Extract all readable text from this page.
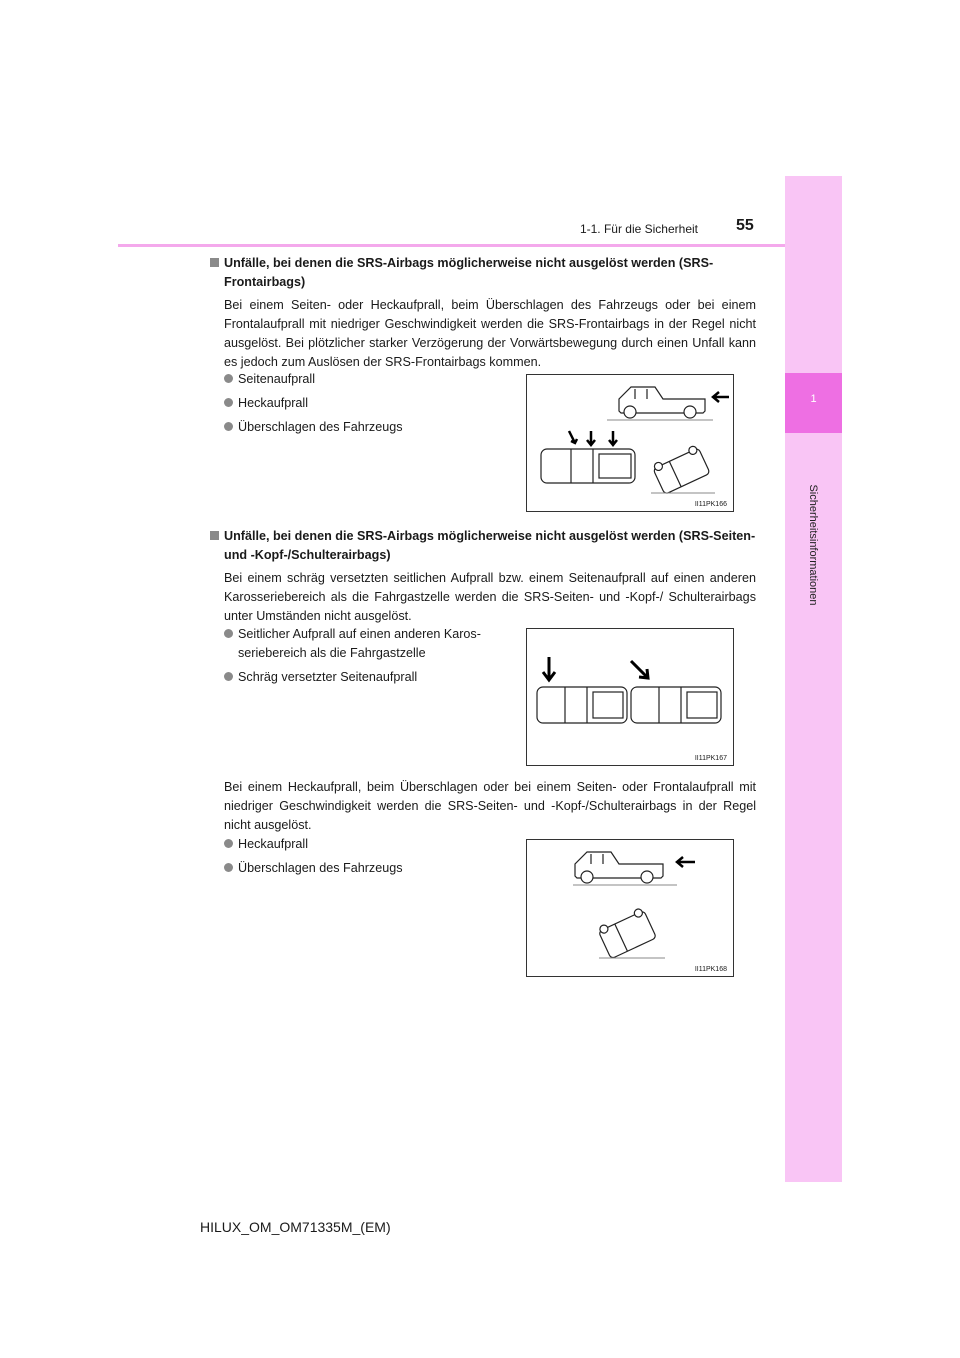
1
Sicherheitsinformationen
1-1. Für die Sicherheit 55
Unfälle, bei denen die SRS-Airbags möglicherweise nicht ausgelöst werden (SRS-Frontairbags)
Bei einem Seiten- oder Heckaufprall, beim Überschlagen des Fahrzeugs oder bei einem Frontalaufprall mit niedriger Geschwindigkeit werden die SRS-Frontairbags in der Regel nicht ausgelöst. Bei plötzlicher starker Verzögerung der Vorwärtsbewegung durch einen Unfall kann es jedoch zum Auslösen der SRS-Frontairbags kommen.
Seitenaufprall
Heckaufprall
Überschlagen des Fahrzeugs
II11PK166
Unfälle, bei denen die SRS-Airbags möglicherweise nicht ausgelöst werden (SRS-Seiten- und -Kopf-/Schulterairbags)
Bei einem schräg versetzten seitlichen Aufprall bzw. einem Seitenaufprall auf einen anderen Karosseriebereich als die Fahrgastzelle werden die SRS-Seiten- und -Kopf-/ Schulterairbags unter Umständen nicht ausgelöst.
Seitlicher Aufprall auf einen anderen Karosseriebereich als die Fahrgastzelle
Schräg versetzter Seitenaufprall
II11PK167
Bei einem Heckaufprall, beim Überschlagen oder bei einem Seiten- oder Frontalaufprall mit niedriger Geschwindigkeit werden die SRS-Seiten- und -Kopf-/Schulterairbags in der Regel nicht ausgelöst.
Heckaufprall
Überschlagen des Fahrzeugs
II11PK168
HILUX_OM_OM71335M_(EM)
